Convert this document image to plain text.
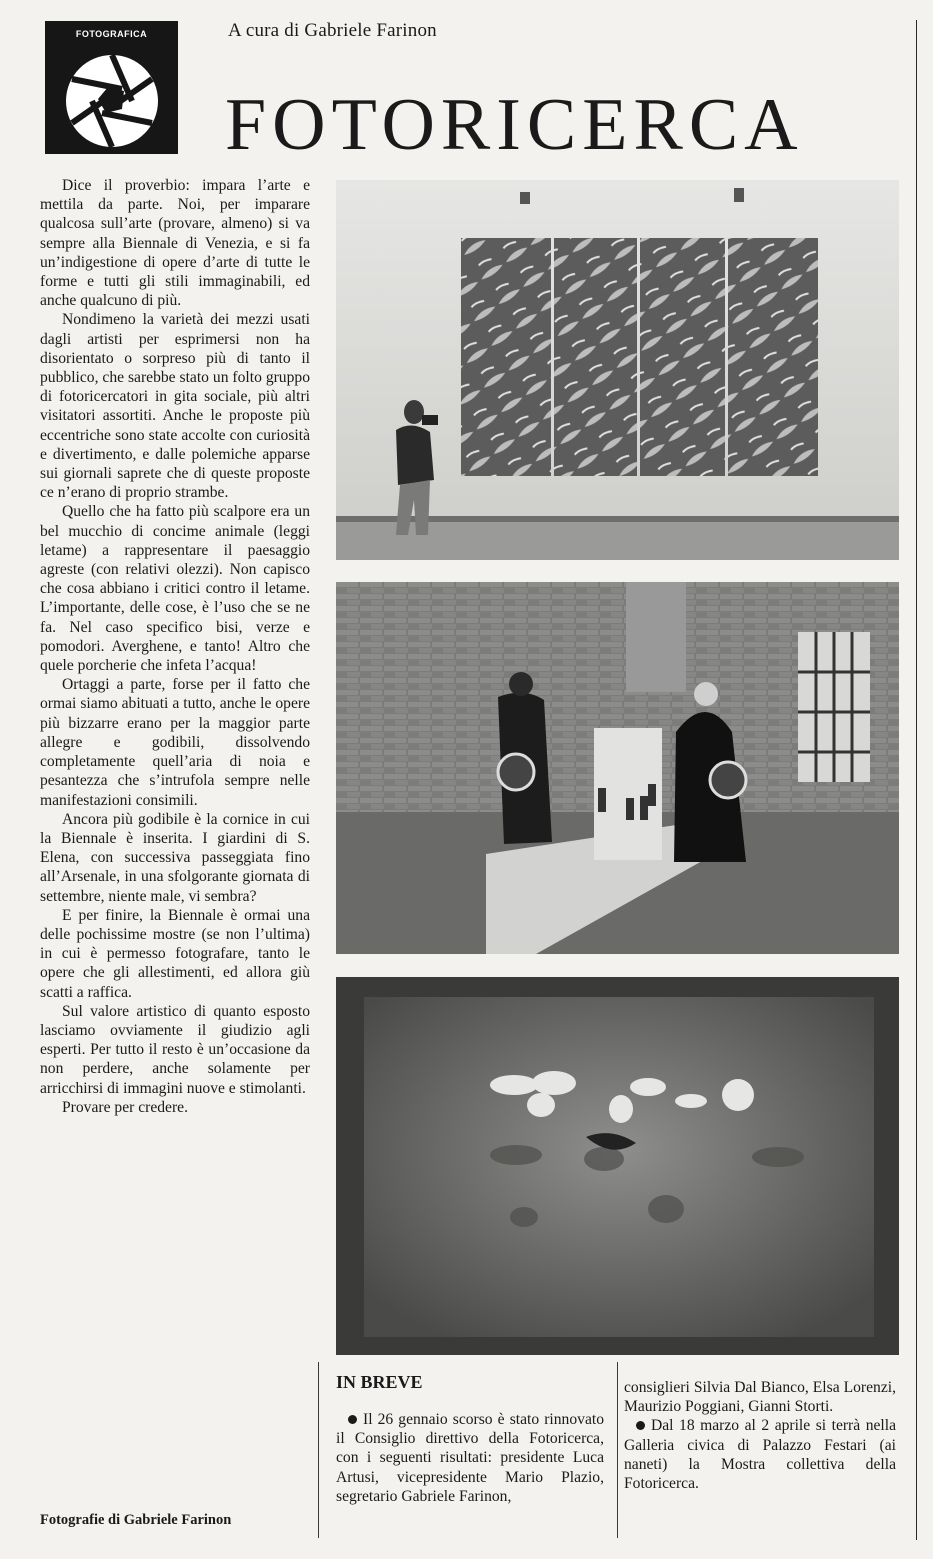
FOTOGRAFICA	A cura di Gabriele Farinon
FOTORICERCA

Dice il proverbio: impara l’arte e mettila da parte. Noi, per imparare qualcosa sull’arte (provare, almeno) si va sempre alla Biennale di Venezia, e si fa un’indigestione di opere d’arte di tutte le forme e tutti gli stili immaginabili, ed anche qualcuno di più.

Nondimeno la varietà dei mezzi usati dagli artisti per esprimersi non ha disorientato o sorpreso più di tanto il pubblico, che sarebbe stato un folto gruppo di fotoricercatori in gita sociale, più altri visitatori assortiti. Anche le proposte più eccentriche sono state accolte con curiosità e divertimento, e dalle polemiche apparse sui giornali saprete che di queste proposte ce n’erano di proprio strambe.

Quello che ha fatto più scalpore era un bel mucchio di concime animale (leggi letame) a rappresentare il paesaggio agreste (con relativi olezzi). Non capisco che cosa abbiano i critici contro il letame. L’importante, delle cose, è l’uso che se ne fa. Nel caso specifico bisi, verze e pomodori. Averghene, e tanto! Altro che quele porcherie che infeta l’acqua!

Ortaggi a parte, forse per il fatto che ormai siamo abituati a tutto, anche le opere più bizzarre erano per la maggior parte allegre e godibili, dissolvendo completamente quell’aria di noia e pesantezza che s’intrufola sempre nelle manifestazioni consimili.

Ancora più godibile è la cornice in cui la Biennale è inserita. I giardini di S. Elena, con successiva passeggiata fino all’Arsenale, in una sfolgorante giornata di settembre, niente male, vi sembra?

E per finire, la Biennale è ormai una delle pochissime mostre (se non l’ultima) in cui è permesso fotografare, tanto le opere che gli allestimenti, ed allora giù scatti a raffica.

Sul valore artistico di quanto esposto lasciamo ovviamente il giudizio agli esperti. Per tutto il resto è un’occasione da non perdere, anche solamente per arricchirsi di immagini nuove e stimolanti.

Provare per credere.

Fotografie di Gabriele Farinon
IN BREVE

Il 26 gennaio scorso è stato rinnovato il Consiglio direttivo della Fotoricerca, con i seguenti risultati: presidente Luca Artusi, vicepresidente Mario Plazio, segretario Gabriele Farinon,

consiglieri Silvia Dal Bianco, Elsa Lorenzi, Maurizio Poggiani, Gianni Storti.

Dal 18 marzo al 2 aprile si terrà nella Galleria civica di Palazzo Festari (ai naneti) la Mostra collettiva della Fotoricerca.
